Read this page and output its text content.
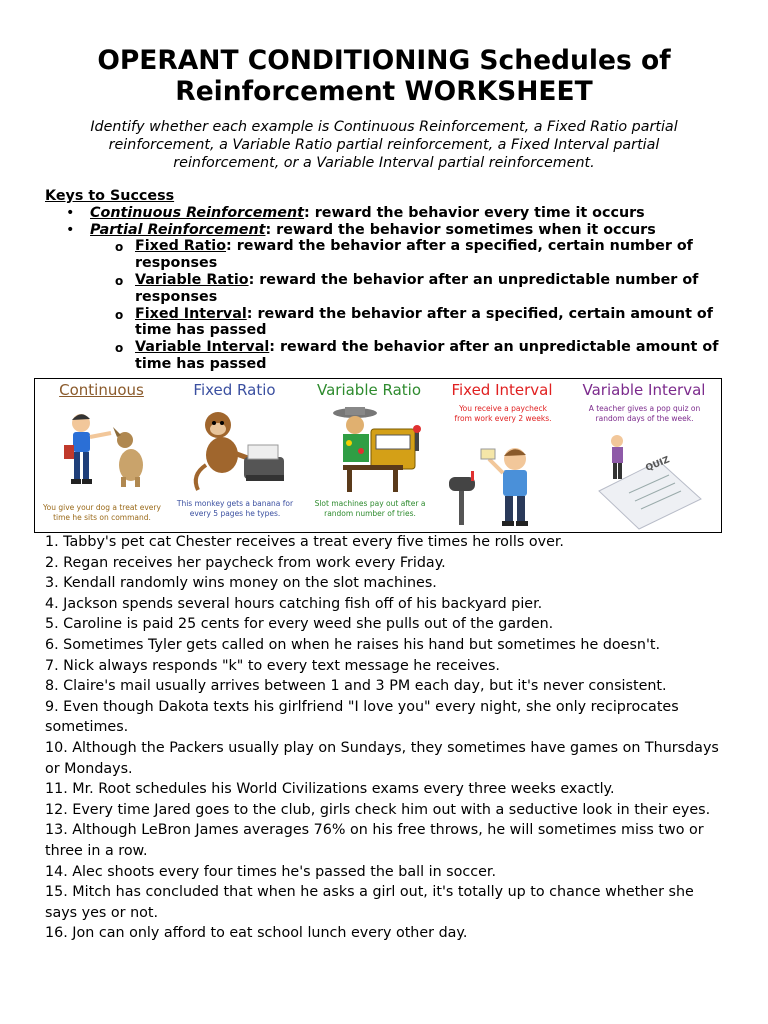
OPERANT CONDITIONING Schedules of Reinforcement WORKSHEET
Identify whether each example is Continuous Reinforcement, a Fixed Ratio partial reinforcement, a Variable Ratio partial reinforcement, a Fixed Interval partial reinforcement, or a Variable Interval partial reinforcement.
Keys to Success
• Continuous Reinforcement: reward the behavior every time it occurs
• Partial Reinforcement: reward the behavior sometimes when it occurs
o Fixed Ratio: reward the behavior after a specified, certain number of responses
o Variable Ratio: reward the behavior after an unpredictable number of responses
o Fixed Interval: reward the behavior after a specified, certain amount of time has passed
o Variable Interval: reward the behavior after an unpredictable amount of time has passed
Continuous
You give your dog a treat every time he sits on command.
Fixed Ratio
This monkey gets a banana for every 5 pages he types.
Variable Ratio
Slot machines pay out after a random number of tries.
Fixed Interval
You receive a paycheck from work every 2 weeks.
Variable Interval
A teacher gives a pop quiz on random days of the week.
QUIZ
1. Tabby's pet cat Chester receives a treat every five times he rolls over.
2. Regan receives her paycheck from work every Friday.
3. Kendall randomly wins money on the slot machines.
4. Jackson spends several hours catching fish off of his backyard pier.
5. Caroline is paid 25 cents for every weed she pulls out of the garden.
6. Sometimes Tyler gets called on when he raises his hand but sometimes he doesn't.
7. Nick always responds "k" to every text message he receives.
8. Claire's mail usually arrives between 1 and 3 PM each day, but it's never consistent.
9. Even though Dakota texts his girlfriend "I love you" every night, she only reciprocates sometimes.
10. Although the Packers usually play on Sundays, they sometimes have games on Thursdays or Mondays.
11. Mr. Root schedules his World Civilizations exams every three weeks exactly.
12. Every time Jared goes to the club, girls check him out with a seductive look in their eyes.
13. Although LeBron James averages 76% on his free throws, he will sometimes miss two or three in a row.
14. Alec shoots every four times he's passed the ball in soccer.
15. Mitch has concluded that when he asks a girl out, it's totally up to chance whether she says yes or not.
16. Jon can only afford to eat school lunch every other day.
